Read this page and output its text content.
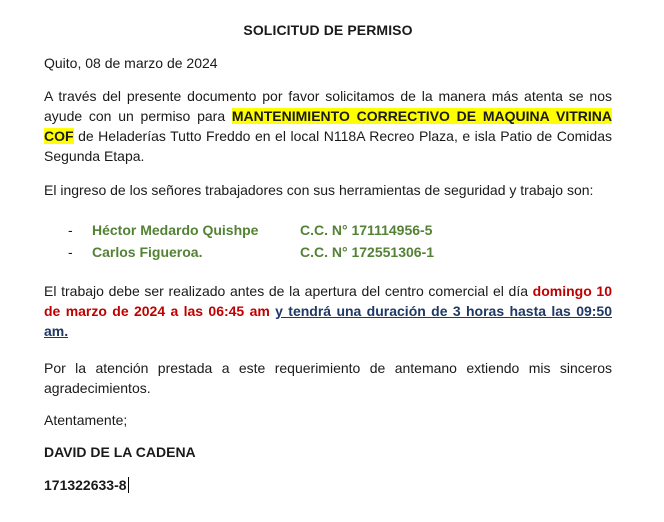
SOLICITUD DE PERMISO
Quito, 08 de marzo de 2024
A través del presente documento por favor solicitamos de la manera más atenta se nos ayude con un permiso para MANTENIMIENTO CORRECTIVO DE MAQUINA VITRINA COF de Heladerías Tutto Freddo en el local N118A Recreo Plaza, e isla Patio de Comidas Segunda Etapa.
El ingreso de los señores trabajadores con sus herramientas de seguridad y trabajo son:
- Héctor Medardo Quishpe	C.C. N° 171114956-5
- Carlos Figueroa.	C.C. N° 172551306-1
El trabajo debe ser realizado antes de la apertura del centro comercial el día domingo 10 de marzo de 2024 a las 06:45 am y tendrá una duración de 3 horas hasta las 09:50 am.
Por la atención prestada a este requerimiento de antemano extiendo mis sinceros agradecimientos.
Atentamente;
DAVID DE LA CADENA
171322633-8
